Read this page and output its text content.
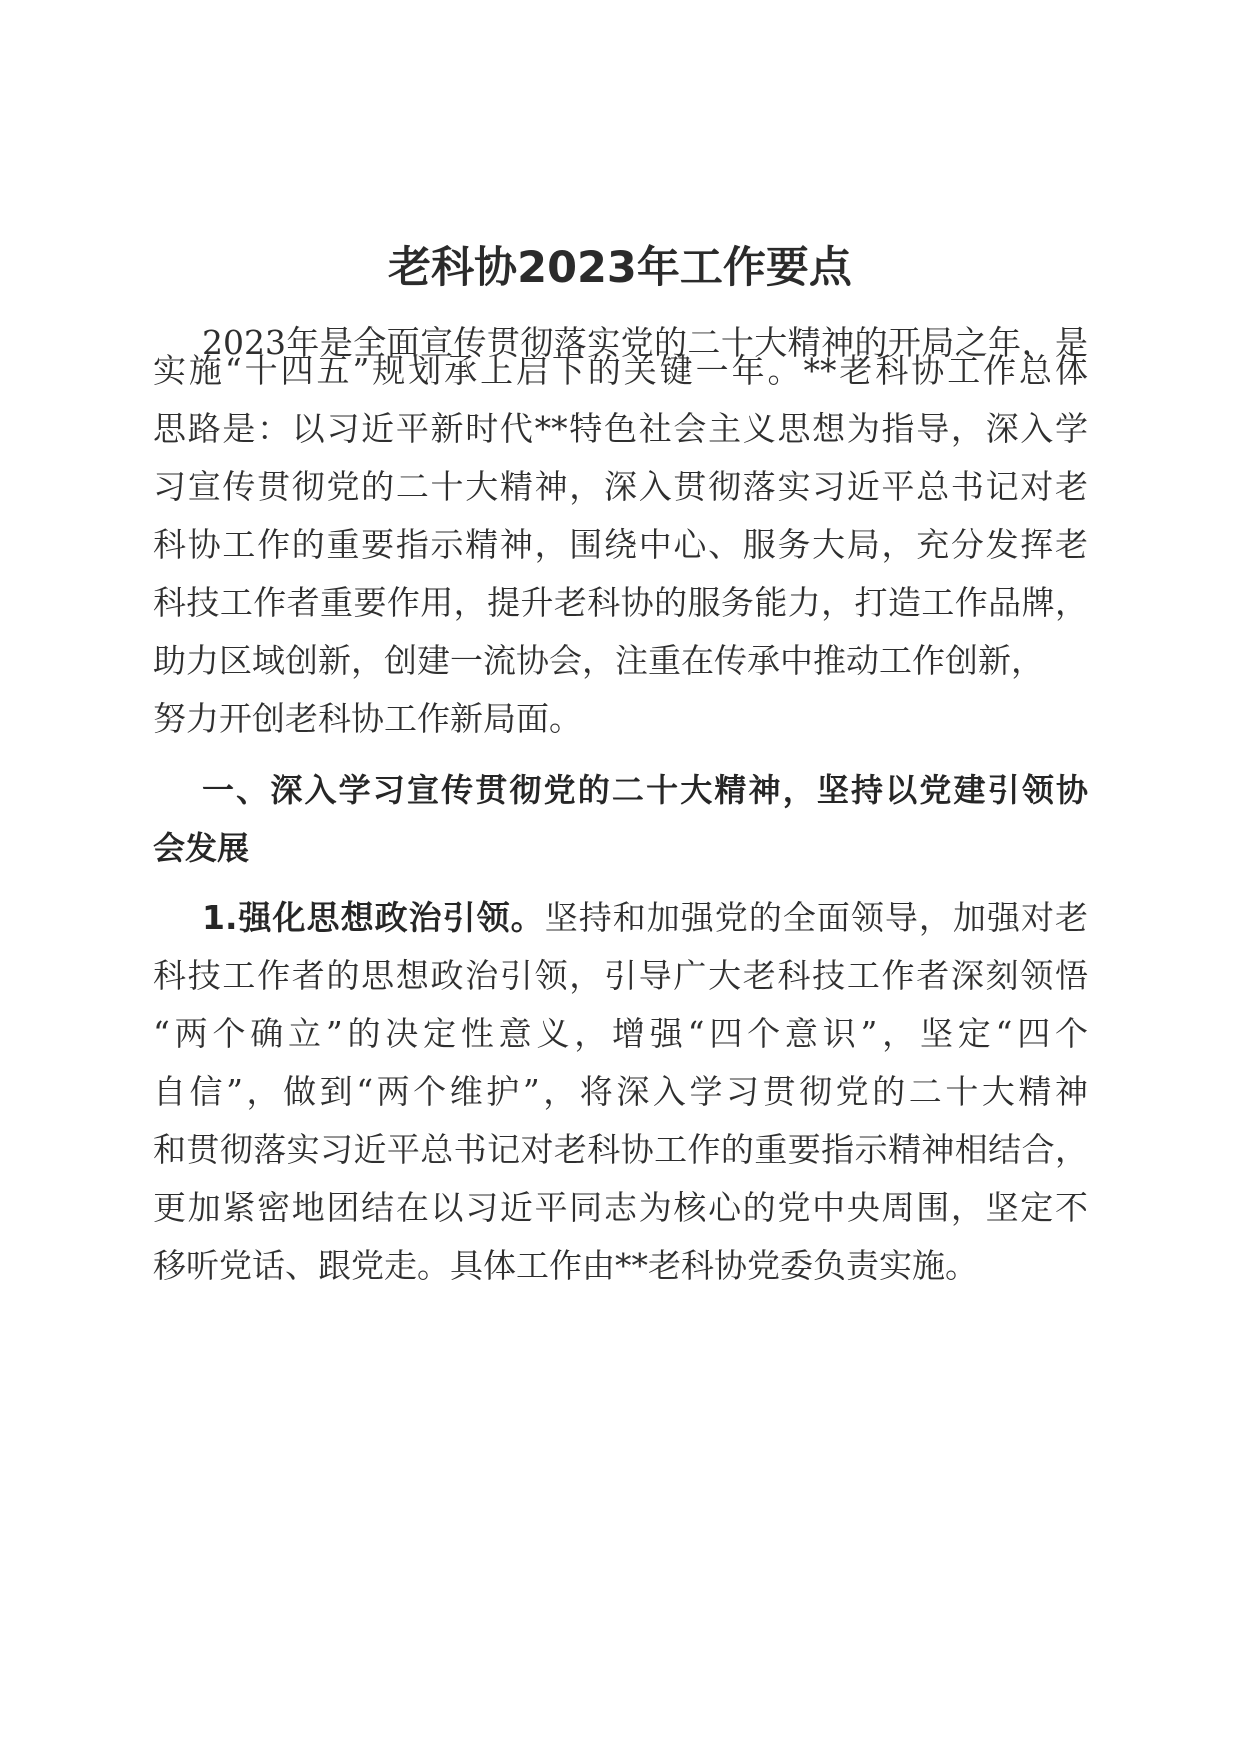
老科协2023年工作要点
2023年是全面宣传贯彻落实党的二十大精神的开局之年，是
实施“十四五”规划承上启下的关键一年。**老科协工作总体
思路是：以习近平新时代**特色社会主义思想为指导，深入学
习宣传贯彻党的二十大精神，深入贯彻落实习近平总书记对老
科协工作的重要指示精神，围绕中心、服务大局，充分发挥老
科技工作者重要作用，提升老科协的服务能力，打造工作品牌，
助力区域创新，创建一流协会，注重在传承中推动工作创新，
努力开创老科协工作新局面。
一、深入学习宣传贯彻党的二十大精神，坚持以党建引领协
会发展
1.强化思想政治引领。坚持和加强党的全面领导，加强对老
科技工作者的思想政治引领，引导广大老科技工作者深刻领悟
“两个确立”的决定性意义，增强“四个意识”，坚定“四个
自信”，做到“两个维护”，将深入学习贯彻党的二十大精神
和贯彻落实习近平总书记对老科协工作的重要指示精神相结合，
更加紧密地团结在以习近平同志为核心的党中央周围，坚定不
移听党话、跟党走。具体工作由**老科协党委负责实施。
